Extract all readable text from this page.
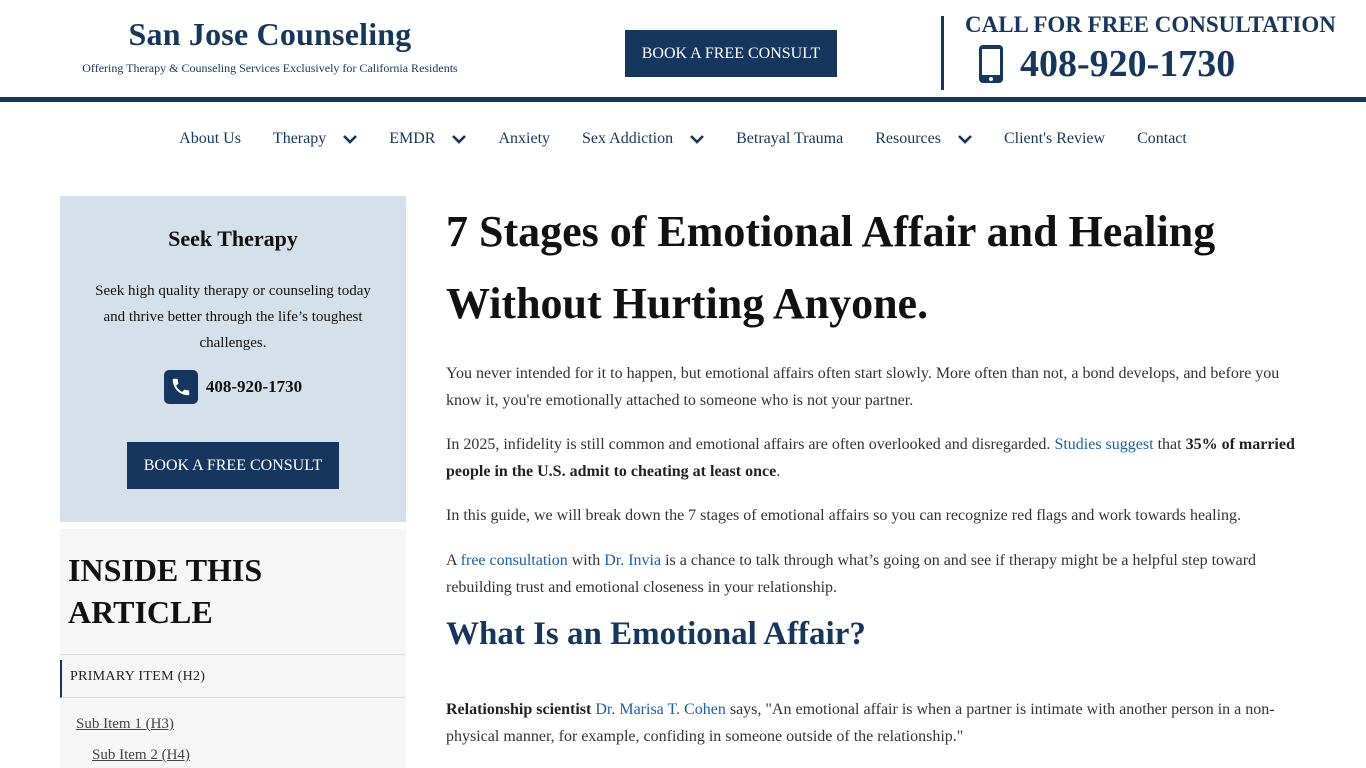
San Jose Counseling
Offering Therapy & Counseling Services Exclusively for California Residents
BOOK A FREE CONSULT
CALL FOR FREE CONSULTATION
408-920-1730
About Us Therapy	EMDR	Anxiety Sex Addiction	Betrayal Trauma Resources	Client's Review Contact
Seek Therapy
Seek high quality therapy or counseling today and thrive better through the life’s toughest challenges.
408-920-1730
BOOK A FREE CONSULT
INSIDE THIS ARTICLE
PRIMARY ITEM (H2)
Sub Item 1 (H3)
Sub Item 2 (H4)
7 Stages of Emotional Affair and Healing Without Hurting Anyone.

You never intended for it to happen, but emotional affairs often start slowly. More often than not, a bond develops, and before you know it, you're emotionally attached to someone who is not your partner.

In 2025, infidelity is still common and emotional affairs are often overlooked and disregarded. Studies suggest that 35% of married people in the U.S. admit to cheating at least once.

In this guide, we will break down the 7 stages of emotional affairs so you can recognize red flags and work towards healing.

A free consultation with Dr. Invia is a chance to talk through what’s going on and see if therapy might be a helpful step toward rebuilding trust and emotional closeness in your relationship.

What Is an Emotional Affair?

Relationship scientist Dr. Marisa T. Cohen says, "An emotional affair is when a partner is intimate with another person in a non-physical manner, for example, confiding in someone outside of the relationship."
